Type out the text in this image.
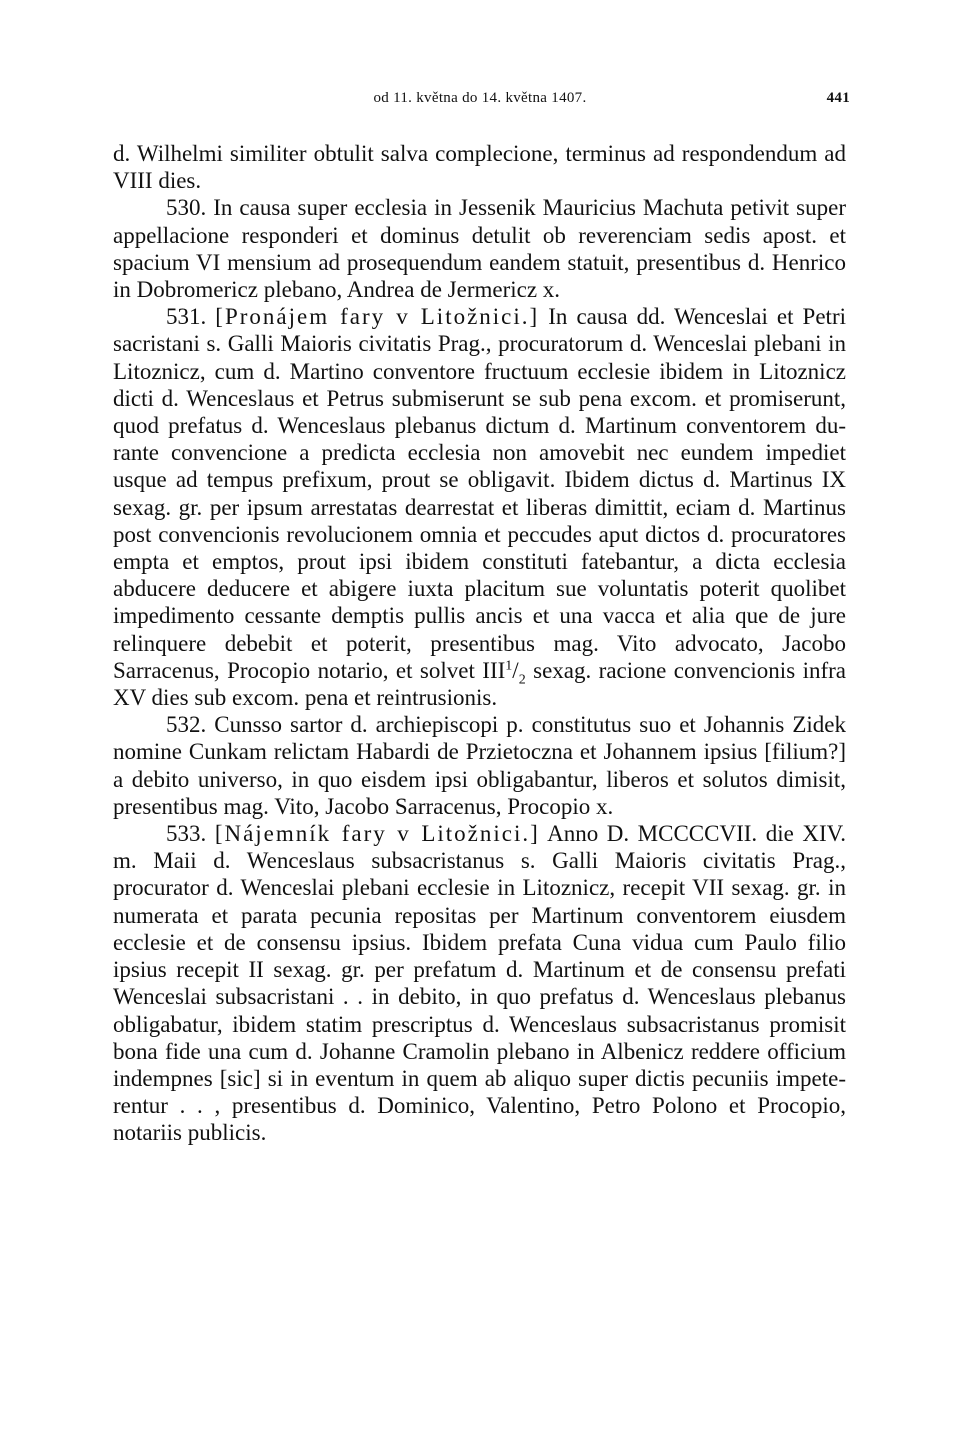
od 11. května do 14. května 1407.	441

d. Wilhelmi similiter obtulit salva complecione, terminus ad respondendum ad VIII dies.

530. In causa super ecclesia in Jessenik Mauricius Machuta petivit super appellacione responderi et dominus detulit ob reverenciam sedis apost. et spacium VI mensium ad prosequendum eandem statuit, presentibus d. Henrico in Dobromericz plebano, Andrea de Jermericz x.

531. [Pronájem fary v Litožnici.] In causa dd. Wenceslai et Petri sacristani s. Galli Maioris civitatis Prag., procuratorum d. Wenceslai plebani in Litoznicz, cum d. Martino conventore fructuum ecclesie ibidem in Litoznicz dicti d. Wenceslaus et Petrus submiserunt se sub pena excom. et promiserunt, quod prefatus d. Wenceslaus plebanus dictum d. Martinum conventorem durante convencione a predicta ecclesia non amovebit nec eundem impediet usque ad tempus prefixum, prout se obligavit. Ibidem dictus d. Martinus IX sexag. gr. per ipsum arrestatas dearrestat et liberas dimittit, eciam d. Martinus post convencionis revolucionem omnia et peccudes aput dictos d. procuratores empta et emptos, prout ipsi ibidem constituti fatebantur, a dicta ecclesia abducere deducere et abigere iuxta placitum sue voluntatis poterit quolibet impedimento cessante demptis pullis ancis et una vacca et alia que de jure relinquere debebit et poterit, presentibus mag. Vito advocato, Jacobo Sarracenus, Procopio notario, et solvet $III^1/_2$ sexag. racione convencionis infra XV dies sub excom. pena et reintrusionis.

532. Cunsso sartor d. archiepiscopi p. constitutus suo et Johannis Zidek nomine Cunkam relictam Habardi de Przietoczna et Johannem ipsius [filium?] a debito universo, in quo eisdem ipsi obligabantur, liberos et solutos dimisit, presentibus mag. Vito, Jacobo Sarracenus, Procopio x.

533. [Nájemník fary v Litožnici.] Anno D. MCCCCVII. die XIV. m. Maii d. Wenceslaus subsacristanus s. Galli Maioris civitatis Prag., procurator d. Wenceslai plebani ecclesie in Litoznicz, recepit VII sexag. gr. in numerata et parata pecunia repositas per Martinum conventorem eiusdem ecclesie et de consensu ipsius. Ibidem prefata Cuna vidua cum Paulo filio ipsius recepit II sexag. gr. per prefatum d. Martinum et de consensu prefati Wenceslai subsacristani . . in debito, in quo prefatus d. Wenceslaus plebanus obligabatur, ibidem statim prescriptus d. Wenceslaus subsacristanus promisit bona fide una cum d. Johanne Cramolin plebano in Albenicz reddere officium indempnes [sic] si in eventum in quem ab aliquo super dictis pecuniis impeterentur . . , presentibus d. Dominico, Valentino, Petro Polono et Procopio, notariis publicis.
